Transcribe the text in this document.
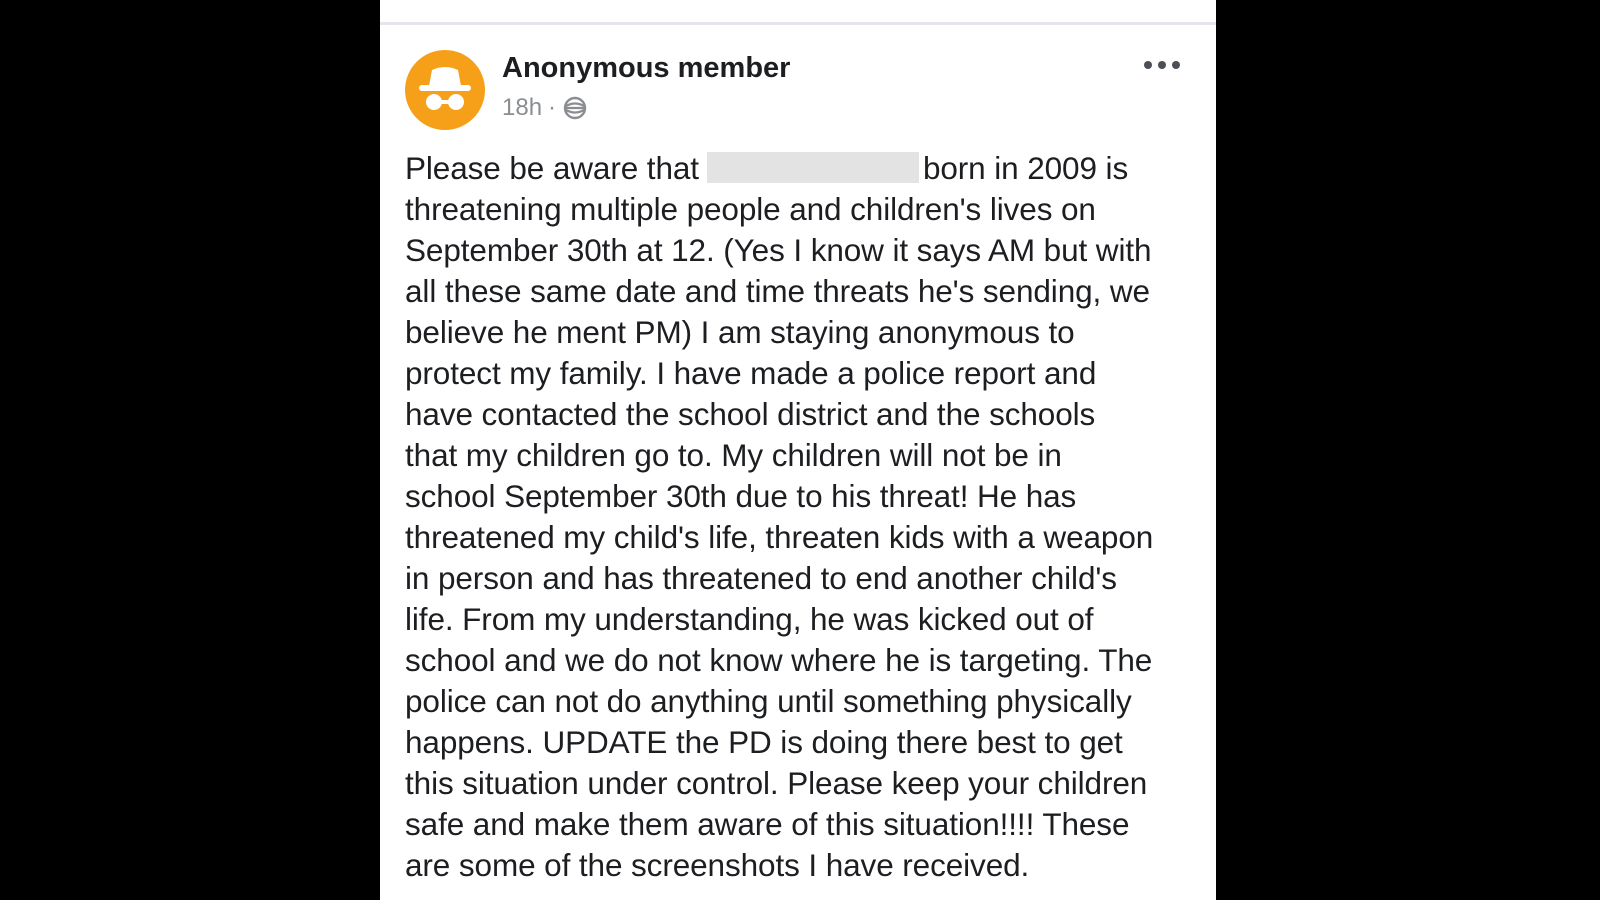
Anonymous member
18h ·
Please be aware that	born in 2009 is
threatening multiple people and children's lives on
September 30th at 12. (Yes I know it says AM but with
all these same date and time threats he's sending, we
believe he ment PM) I am staying anonymous to
protect my family. I have made a police report and
have contacted the school district and the schools
that my children go to. My children will not be in
school September 30th due to his threat! He has
threatened my child's life, threaten kids with a weapon
in person and has threatened to end another child's
life. From my understanding, he was kicked out of
school and we do not know where he is targeting. The
police can not do anything until something physically
happens. UPDATE the PD is doing there best to get
this situation under control. Please keep your children
safe and make them aware of this situation!!!! These
are some of the screenshots I have received.
